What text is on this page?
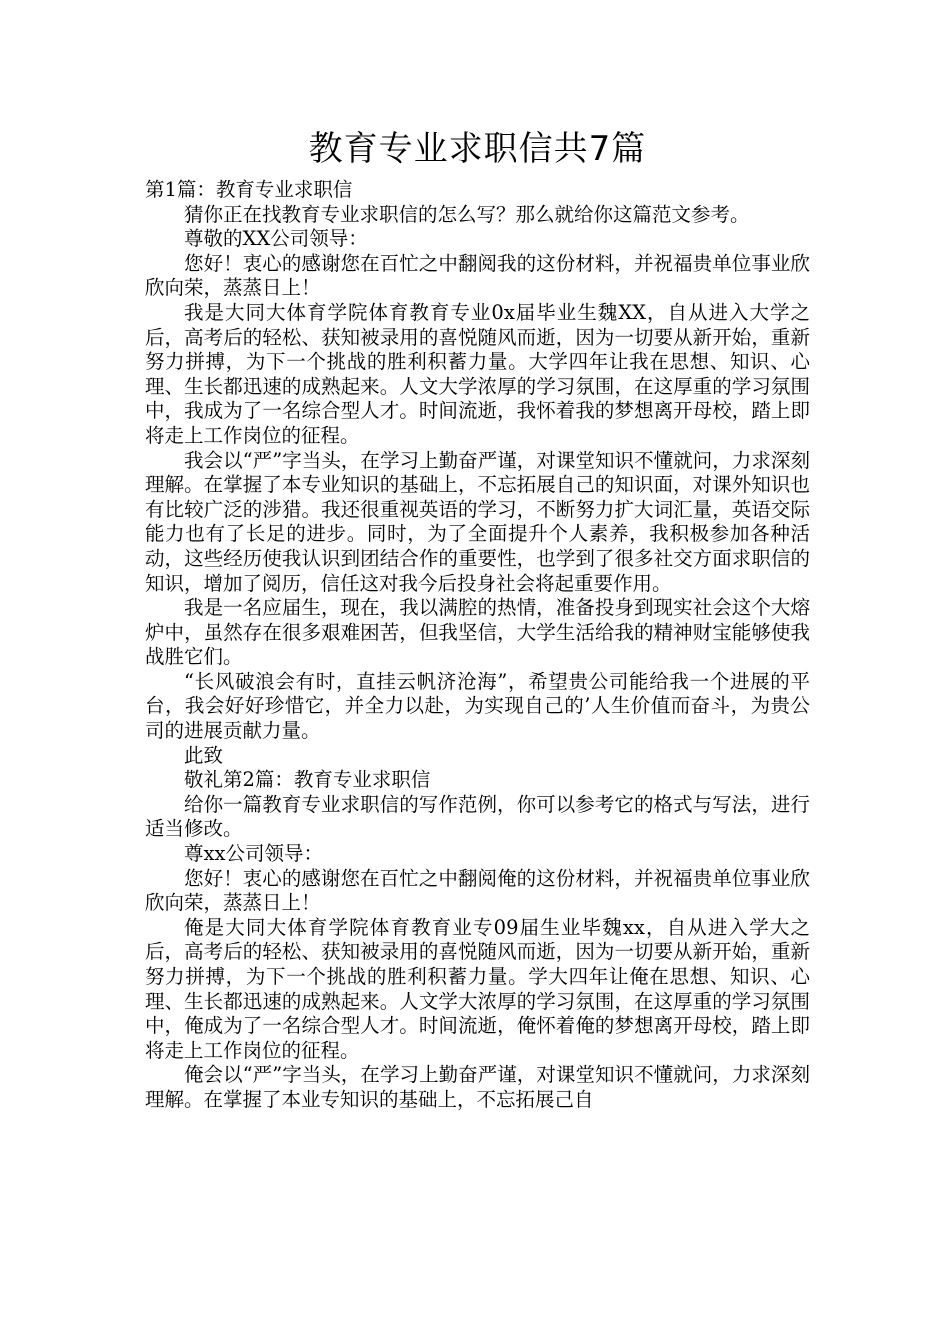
教育专业求职信共7篇

第1篇：教育专业求职信

猜你正在找教育专业求职信的怎么写？那么就给你这篇范文参考。

尊敬的XX公司领导：

您好！衷心的感谢您在百忙之中翻阅我的这份材料，并祝福贵单位事业欣欣向荣，蒸蒸日上！

我是大同大体育学院体育教育专业0x届毕业生魏XX，自从进入大学之后，高考后的轻松、获知被录用的喜悦随风而逝，因为一切要从新开始，重新努力拼搏，为下一个挑战的胜利积蓄力量。大学四年让我在思想、知识、心理、生长都迅速的成熟起来。人文大学浓厚的学习氛围，在这厚重的学习氛围中，我成为了一名综合型人才。时间流逝，我怀着我的梦想离开母校，踏上即将走上工作岗位的征程。

我会以“严”字当头，在学习上勤奋严谨，对课堂知识不懂就问，力求深刻理解。在掌握了本专业知识的基础上，不忘拓展自己的知识面，对课外知识也有比较广泛的涉猎。我还很重视英语的学习，不断努力扩大词汇量，英语交际能力也有了长足的进步。同时，为了全面提升个人素养，我积极参加各种活动，这些经历使我认识到团结合作的重要性，也学到了很多社交方面求职信的知识，增加了阅历，信任这对我今后投身社会将起重要作用。

我是一名应届生，现在，我以满腔的热情，准备投身到现实社会这个大熔炉中，虽然存在很多艰难困苦，但我坚信，大学生活给我的精神财宝能够使我战胜它们。

“长风破浪会有时，直挂云帆济沧海”，希望贵公司能给我一个进展的平台，我会好好珍惜它，并全力以赴，为实现自己的’人生价值而奋斗，为贵公司的进展贡献力量。

此致

敬礼第2篇：教育专业求职信

给你一篇教育专业求职信的写作范例，你可以参考它的格式与写法，进行适当修改。

尊xx公司领导：

您好！衷心的感谢您在百忙之中翻阅俺的这份材料，并祝福贵单位事业欣欣向荣，蒸蒸日上！

俺是大同大体育学院体育教育业专09届生业毕魏xx，自从进入学大之后，高考后的轻松、获知被录用的喜悦随风而逝，因为一切要从新开始，重新努力拼搏，为下一个挑战的胜利积蓄力量。学大四年让俺在思想、知识、心理、生长都迅速的成熟起来。人文学大浓厚的学习氛围，在这厚重的学习氛围中，俺成为了一名综合型人才。时间流逝，俺怀着俺的梦想离开母校，踏上即将走上工作岗位的征程。

俺会以“严”字当头，在学习上勤奋严谨，对课堂知识不懂就问，力求深刻理解。在掌握了本业专知识的基础上，不忘拓展己自
